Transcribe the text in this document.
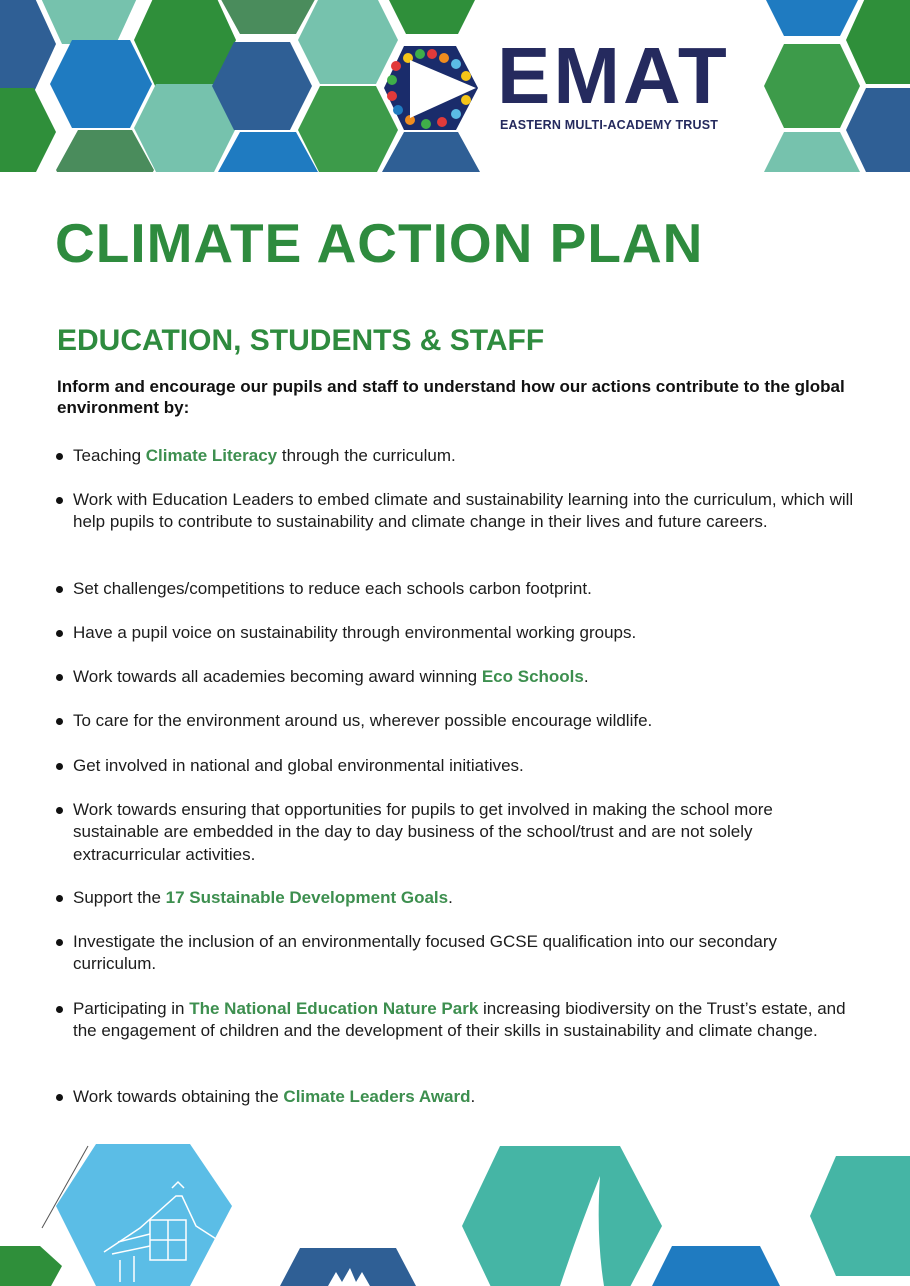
EMAT
EASTERN MULTI-ACADEMY TRUST
CLIMATE ACTION PLAN
EDUCATION, STUDENTS & STAFF

Inform and encourage our pupils and staff to understand how our actions contribute to the global environment by:

Teaching Climate Literacy through the curriculum.
Work with Education Leaders to embed climate and sustainability learning into the curriculum, which will help pupils to contribute to sustainability and climate change in their lives and future careers.
Set challenges/competitions to reduce each schools carbon footprint.
Have a pupil voice on sustainability through environmental working groups.
Work towards all academies becoming award winning Eco Schools.
To care for the environment around us, wherever possible encourage wildlife.
Get involved in national and global environmental initiatives.
Work towards ensuring that opportunities for pupils to get involved in making the school more sustainable are embedded in the day to day business of the school/trust and are not solely extracurricular activities.
Support the 17 Sustainable Development Goals.
Investigate the inclusion of an environmentally focused GCSE qualification into our secondary curriculum.
Participating in The National Education Nature Park increasing biodiversity on the Trust’s estate, and the engagement of children and the development of their skills in sustainability and climate change.
Work towards obtaining the Climate Leaders Award.
